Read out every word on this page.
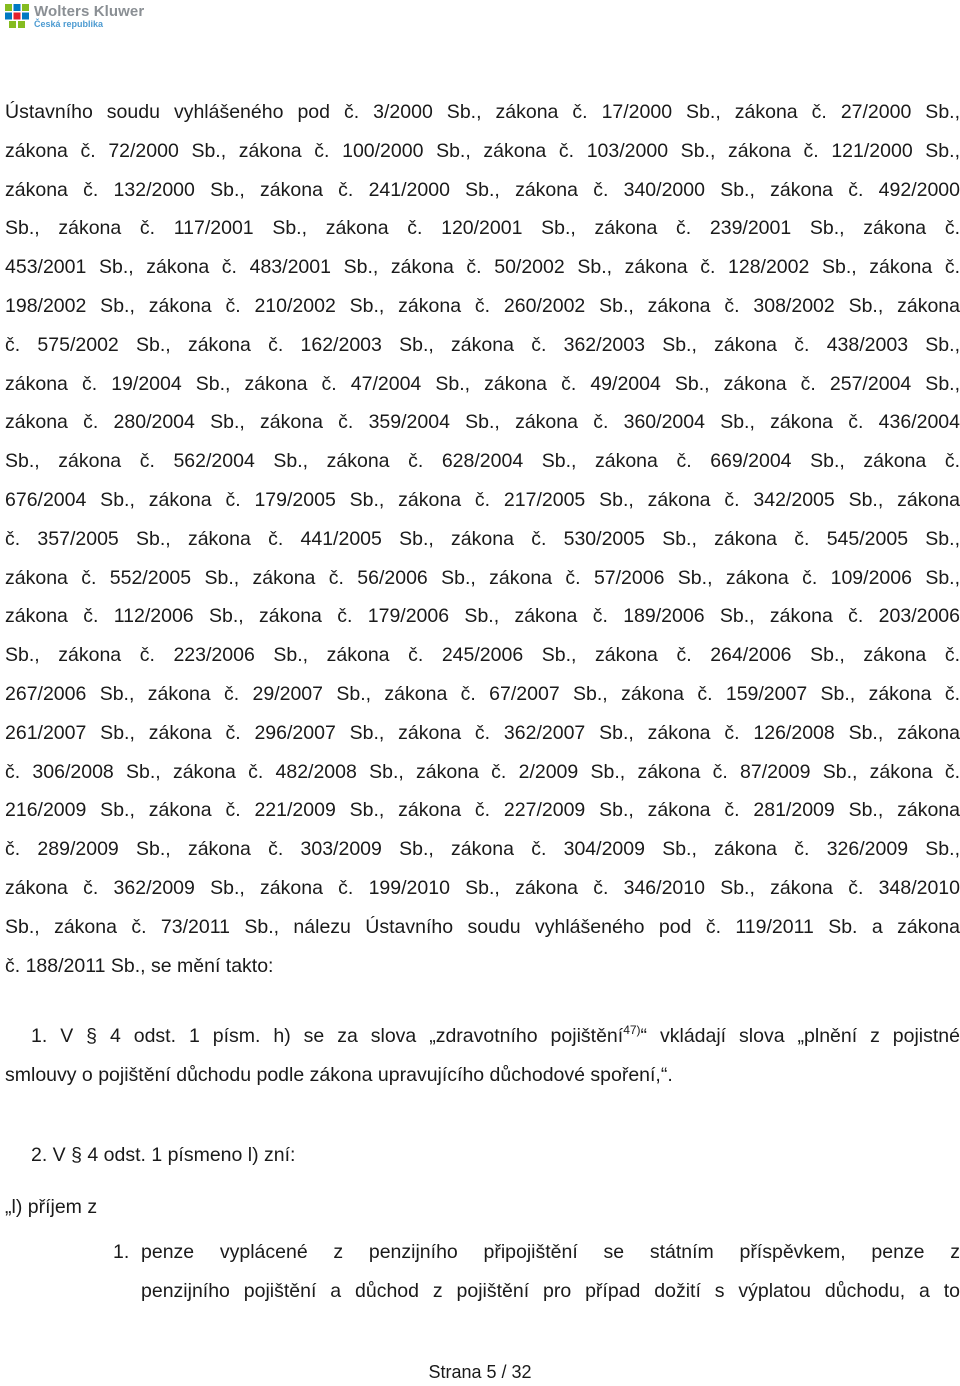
Wolters Kluwer
Česká republika

Ústavního soudu vyhlášeného pod č. 3/2000 Sb., zákona č. 17/2000 Sb., zákona č. 27/2000 Sb.,
zákona č. 72/2000 Sb., zákona č. 100/2000 Sb., zákona č. 103/2000 Sb., zákona č. 121/2000 Sb.,
zákona č. 132/2000 Sb., zákona č. 241/2000 Sb., zákona č. 340/2000 Sb., zákona č. 492/2000
Sb., zákona č. 117/2001 Sb., zákona č. 120/2001 Sb., zákona č. 239/2001 Sb., zákona č.
453/2001 Sb., zákona č. 483/2001 Sb., zákona č. 50/2002 Sb., zákona č. 128/2002 Sb., zákona č.
198/2002 Sb., zákona č. 210/2002 Sb., zákona č. 260/2002 Sb., zákona č. 308/2002 Sb., zákona
č. 575/2002 Sb., zákona č. 162/2003 Sb., zákona č. 362/2003 Sb., zákona č. 438/2003 Sb.,
zákona č. 19/2004 Sb., zákona č. 47/2004 Sb., zákona č. 49/2004 Sb., zákona č. 257/2004 Sb.,
zákona č. 280/2004 Sb., zákona č. 359/2004 Sb., zákona č. 360/2004 Sb., zákona č. 436/2004
Sb., zákona č. 562/2004 Sb., zákona č. 628/2004 Sb., zákona č. 669/2004 Sb., zákona č.
676/2004 Sb., zákona č. 179/2005 Sb., zákona č. 217/2005 Sb., zákona č. 342/2005 Sb., zákona
č. 357/2005 Sb., zákona č. 441/2005 Sb., zákona č. 530/2005 Sb., zákona č. 545/2005 Sb.,
zákona č. 552/2005 Sb., zákona č. 56/2006 Sb., zákona č. 57/2006 Sb., zákona č. 109/2006 Sb.,
zákona č. 112/2006 Sb., zákona č. 179/2006 Sb., zákona č. 189/2006 Sb., zákona č. 203/2006
Sb., zákona č. 223/2006 Sb., zákona č. 245/2006 Sb., zákona č. 264/2006 Sb., zákona č.
267/2006 Sb., zákona č. 29/2007 Sb., zákona č. 67/2007 Sb., zákona č. 159/2007 Sb., zákona č.
261/2007 Sb., zákona č. 296/2007 Sb., zákona č. 362/2007 Sb., zákona č. 126/2008 Sb., zákona
č. 306/2008 Sb., zákona č. 482/2008 Sb., zákona č. 2/2009 Sb., zákona č. 87/2009 Sb., zákona č.
216/2009 Sb., zákona č. 221/2009 Sb., zákona č. 227/2009 Sb., zákona č. 281/2009 Sb., zákona
č. 289/2009 Sb., zákona č. 303/2009 Sb., zákona č. 304/2009 Sb., zákona č. 326/2009 Sb.,
zákona č. 362/2009 Sb., zákona č. 199/2010 Sb., zákona č. 346/2010 Sb., zákona č. 348/2010
Sb., zákona č. 73/2011 Sb., nálezu Ústavního soudu vyhlášeného pod č. 119/2011 Sb. a zákona
č. 188/2011 Sb., se mění takto:

1. V § 4 odst. 1 písm. h) se za slova „zdravotního pojištění$^{47)}$“ vkládají slova „plnění z pojistné
smlouvy o pojištění důchodu podle zákona upravujícího důchodové spoření,“.

2. V § 4 odst. 1 písmeno l) zní:

„l) příjem z

1. penze vyplácené z penzijního připojištění se státním příspěvkem, penze z
penzijního pojištění a důchod z pojištění pro případ dožití s výplatou důchodu, a to

Strana 5 / 32
